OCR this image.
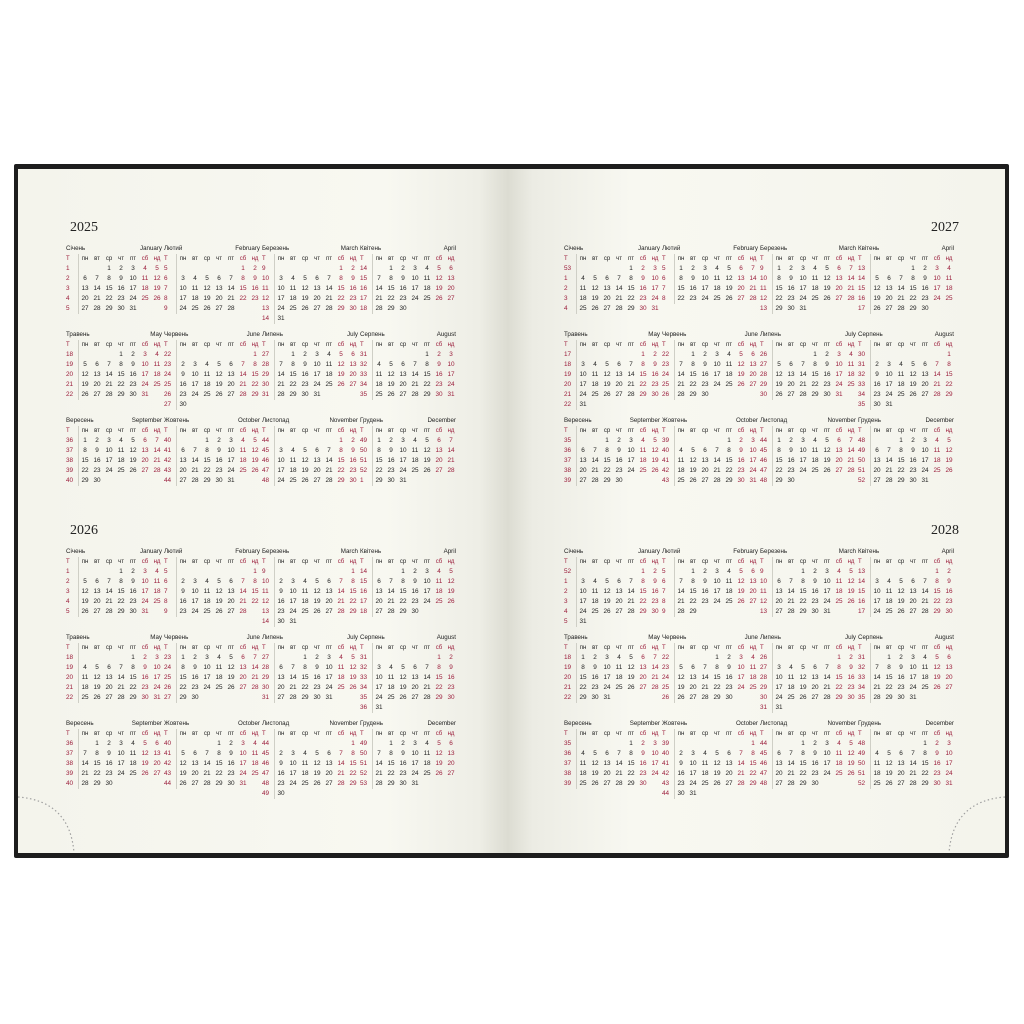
2025
Січень	January
Т	пн	вт	ср	чт	пт	сб	нд
1			1	2	3	4	5
2	6	7	8	9	10	11	12
3	13	14	15	16	17	18	19
4	20	21	22	23	24	25	26
5	27	28	29	30	31		
Лютий	February
Т	пн	вт	ср	чт	пт	сб	нд
5						1	2
6	3	4	5	6	7	8	9
7	10	11	12	13	14	15	16
8	17	18	19	20	21	22	23
9	24	25	26	27	28		
Березень	March
Т	пн	вт	ср	чт	пт	сб	нд
9						1	2
10	3	4	5	6	7	8	9
11	10	11	12	13	14	15	16
12	17	18	19	20	21	22	23
13	24	25	26	27	28	29	30
14	31						
Квітень	April
Т	пн	вт	ср	чт	пт	сб	нд
14		1	2	3	4	5	6
15	7	8	9	10	11	12	13
16	14	15	16	17	18	19	20
17	21	22	23	24	25	26	27
18	28	29	30				
Травень	May
Т	пн	вт	ср	чт	пт	сб	нд
18				1	2	3	4
19	5	6	7	8	9	10	11
20	12	13	14	15	16	17	18
21	19	20	21	22	23	24	25
22	26	27	28	29	30	31	
Червень	June
Т	пн	вт	ср	чт	пт	сб	нд
22							1
23	2	3	4	5	6	7	8
24	9	10	11	12	13	14	15
25	16	17	18	19	20	21	22
26	23	24	25	26	27	28	29
27	30						
Липень	July
Т	пн	вт	ср	чт	пт	сб	нд
27		1	2	3	4	5	6
28	7	8	9	10	11	12	13
29	14	15	16	17	18	19	20
30	21	22	23	24	25	26	27
31	28	29	30	31			
Серпень	August
Т	пн	вт	ср	чт	пт	сб	нд
31					1	2	3
32	4	5	6	7	8	9	10
33	11	12	13	14	15	16	17
34	18	19	20	21	22	23	24
35	25	26	27	28	29	30	31
Вересень	September
Т	пн	вт	ср	чт	пт	сб	нд
36	1	2	3	4	5	6	7
37	8	9	10	11	12	13	14
38	15	16	17	18	19	20	21
39	22	23	24	25	26	27	28
40	29	30					
Жовтень	October
Т	пн	вт	ср	чт	пт	сб	нд
40			1	2	3	4	5
41	6	7	8	9	10	11	12
42	13	14	15	16	17	18	19
43	20	21	22	23	24	25	26
44	27	28	29	30	31		
Листопад	November
Т	пн	вт	ср	чт	пт	сб	нд
44						1	2
45	3	4	5	6	7	8	9
46	10	11	12	13	14	15	16
47	17	18	19	20	21	22	23
48	24	25	26	27	28	29	30
Грудень	December
Т	пн	вт	ср	чт	пт	сб	нд
49	1	2	3	4	5	6	7
50	8	9	10	11	12	13	14
51	15	16	17	18	19	20	21
52	22	23	24	25	26	27	28
1	29	30	31				
2026
Січень	January
Т	пн	вт	ср	чт	пт	сб	нд
1				1	2	3	4
2	5	6	7	8	9	10	11
3	12	13	14	15	16	17	18
4	19	20	21	22	23	24	25
5	26	27	28	29	30	31	
Лютий	February
Т	пн	вт	ср	чт	пт	сб	нд
5							1
6	2	3	4	5	6	7	8
7	9	10	11	12	13	14	15
8	16	17	18	19	20	21	22
9	23	24	25	26	27	28	
Березень	March
Т	пн	вт	ср	чт	пт	сб	нд
9							1
10	2	3	4	5	6	7	8
11	9	10	11	12	13	14	15
12	16	17	18	19	20	21	22
13	23	24	25	26	27	28	29
14	30	31					
Квітень	April
Т	пн	вт	ср	чт	пт	сб	нд
14			1	2	3	4	5
15	6	7	8	9	10	11	12
16	13	14	15	16	17	18	19
17	20	21	22	23	24	25	26
18	27	28	29	30			
Травень	May
Т	пн	вт	ср	чт	пт	сб	нд
18					1	2	3
19	4	5	6	7	8	9	10
20	11	12	13	14	15	16	17
21	18	19	20	21	22	23	24
22	25	26	27	28	29	30	31
Червень	June
Т	пн	вт	ср	чт	пт	сб	нд
23	1	2	3	4	5	6	7
24	8	9	10	11	12	13	14
25	15	16	17	18	19	20	21
26	22	23	24	25	26	27	28
27	29	30					
Липень	July
Т	пн	вт	ср	чт	пт	сб	нд
27			1	2	3	4	5
28	6	7	8	9	10	11	12
29	13	14	15	16	17	18	19
30	20	21	22	23	24	25	26
31	27	28	29	30	31		
Серпень	August
Т	пн	вт	ср	чт	пт	сб	нд
31						1	2
32	3	4	5	6	7	8	9
33	10	11	12	13	14	15	16
34	17	18	19	20	21	22	23
35	24	25	26	27	28	29	30
36	31						
Вересень	September
Т	пн	вт	ср	чт	пт	сб	нд
36		1	2	3	4	5	6
37	7	8	9	10	11	12	13
38	14	15	16	17	18	19	20
39	21	22	23	24	25	26	27
40	28	29	30				
Жовтень	October
Т	пн	вт	ср	чт	пт	сб	нд
40				1	2	3	4
41	5	6	7	8	9	10	11
42	12	13	14	15	16	17	18
43	19	20	21	22	23	24	25
44	26	27	28	29	30	31	
Листопад	November
Т	пн	вт	ср	чт	пт	сб	нд
44							1
45	2	3	4	5	6	7	8
46	9	10	11	12	13	14	15
47	16	17	18	19	20	21	22
48	23	24	25	26	27	28	29
49	30						
Грудень	December
Т	пн	вт	ср	чт	пт	сб	нд
49		1	2	3	4	5	6
50	7	8	9	10	11	12	13
51	14	15	16	17	18	19	20
52	21	22	23	24	25	26	27
53	28	29	30	31			
2027
Січень	January
Т	пн	вт	ср	чт	пт	сб	нд
53					1	2	3
1	4	5	6	7	8	9	10
2	11	12	13	14	15	16	17
3	18	19	20	21	22	23	24
4	25	26	27	28	29	30	31
Лютий	February
Т	пн	вт	ср	чт	пт	сб	нд
5	1	2	3	4	5	6	7
6	8	9	10	11	12	13	14
7	15	16	17	18	19	20	21
8	22	23	24	25	26	27	28
Березень	March
Т	пн	вт	ср	чт	пт	сб	нд
9	1	2	3	4	5	6	7
10	8	9	10	11	12	13	14
11	15	16	17	18	19	20	21
12	22	23	24	25	26	27	28
13	29	30	31				
Квітень	April
Т	пн	вт	ср	чт	пт	сб	нд
13				1	2	3	4
14	5	6	7	8	9	10	11
15	12	13	14	15	16	17	18
16	19	20	21	22	23	24	25
17	26	27	28	29	30		
Травень	May
Т	пн	вт	ср	чт	пт	сб	нд
17						1	2
18	3	4	5	6	7	8	9
19	10	11	12	13	14	15	16
20	17	18	19	20	21	22	23
21	24	25	26	27	28	29	30
22	31						
Червень	June
Т	пн	вт	ср	чт	пт	сб	нд
22		1	2	3	4	5	6
23	7	8	9	10	11	12	13
24	14	15	16	17	18	19	20
25	21	22	23	24	25	26	27
26	28	29	30				
Липень	July
Т	пн	вт	ср	чт	пт	сб	нд
26				1	2	3	4
27	5	6	7	8	9	10	11
28	12	13	14	15	16	17	18
29	19	20	21	22	23	24	25
30	26	27	28	29	30	31	
Серпень	August
Т	пн	вт	ср	чт	пт	сб	нд
30							1
31	2	3	4	5	6	7	8
32	9	10	11	12	13	14	15
33	16	17	18	19	20	21	22
34	23	24	25	26	27	28	29
35	30	31					
Вересень	September
Т	пн	вт	ср	чт	пт	сб	нд
35			1	2	3	4	5
36	6	7	8	9	10	11	12
37	13	14	15	16	17	18	19
38	20	21	22	23	24	25	26
39	27	28	29	30			
Жовтень	October
Т	пн	вт	ср	чт	пт	сб	нд
39					1	2	3
40	4	5	6	7	8	9	10
41	11	12	13	14	15	16	17
42	18	19	20	21	22	23	24
43	25	26	27	28	29	30	31
Листопад	November
Т	пн	вт	ср	чт	пт	сб	нд
44	1	2	3	4	5	6	7
45	8	9	10	11	12	13	14
46	15	16	17	18	19	20	21
47	22	23	24	25	26	27	28
48	29	30					
Грудень	December
Т	пн	вт	ср	чт	пт	сб	нд
48			1	2	3	4	5
49	6	7	8	9	10	11	12
50	13	14	15	16	17	18	19
51	20	21	22	23	24	25	26
52	27	28	29	30	31		
2028
Січень	January
Т	пн	вт	ср	чт	пт	сб	нд
52						1	2
1	3	4	5	6	7	8	9
2	10	11	12	13	14	15	16
3	17	18	19	20	21	22	23
4	24	25	26	27	28	29	30
5	31						
Лютий	February
Т	пн	вт	ср	чт	пт	сб	нд
5		1	2	3	4	5	6
6	7	8	9	10	11	12	13
7	14	15	16	17	18	19	20
8	21	22	23	24	25	26	27
9	28	29					
Березень	March
Т	пн	вт	ср	чт	пт	сб	нд
9			1	2	3	4	5
10	6	7	8	9	10	11	12
11	13	14	15	16	17	18	19
12	20	21	22	23	24	25	26
13	27	28	29	30	31		
Квітень	April
Т	пн	вт	ср	чт	пт	сб	нд
13						1	2
14	3	4	5	6	7	8	9
15	10	11	12	13	14	15	16
16	17	18	19	20	21	22	23
17	24	25	26	27	28	29	30
Травень	May
Т	пн	вт	ср	чт	пт	сб	нд
18	1	2	3	4	5	6	7
19	8	9	10	11	12	13	14
20	15	16	17	18	19	20	21
21	22	23	24	25	26	27	28
22	29	30	31				
Червень	June
Т	пн	вт	ср	чт	пт	сб	нд
22				1	2	3	4
23	5	6	7	8	9	10	11
24	12	13	14	15	16	17	18
25	19	20	21	22	23	24	25
26	26	27	28	29	30		
Липень	July
Т	пн	вт	ср	чт	пт	сб	нд
26						1	2
27	3	4	5	6	7	8	9
28	10	11	12	13	14	15	16
29	17	18	19	20	21	22	23
30	24	25	26	27	28	29	30
31	31						
Серпень	August
Т	пн	вт	ср	чт	пт	сб	нд
31		1	2	3	4	5	6
32	7	8	9	10	11	12	13
33	14	15	16	17	18	19	20
34	21	22	23	24	25	26	27
35	28	29	30	31			
Вересень	September
Т	пн	вт	ср	чт	пт	сб	нд
35					1	2	3
36	4	5	6	7	8	9	10
37	11	12	13	14	15	16	17
38	18	19	20	21	22	23	24
39	25	26	27	28	29	30	
Жовтень	October
Т	пн	вт	ср	чт	пт	сб	нд
39							1
40	2	3	4	5	6	7	8
41	9	10	11	12	13	14	15
42	16	17	18	19	20	21	22
43	23	24	25	26	27	28	29
44	30	31					
Листопад	November
Т	пн	вт	ср	чт	пт	сб	нд
44			1	2	3	4	5
45	6	7	8	9	10	11	12
46	13	14	15	16	17	18	19
47	20	21	22	23	24	25	26
48	27	28	29	30			
Грудень	December
Т	пн	вт	ср	чт	пт	сб	нд
48					1	2	3
49	4	5	6	7	8	9	10
50	11	12	13	14	15	16	17
51	18	19	20	21	22	23	24
52	25	26	27	28	29	30	31
